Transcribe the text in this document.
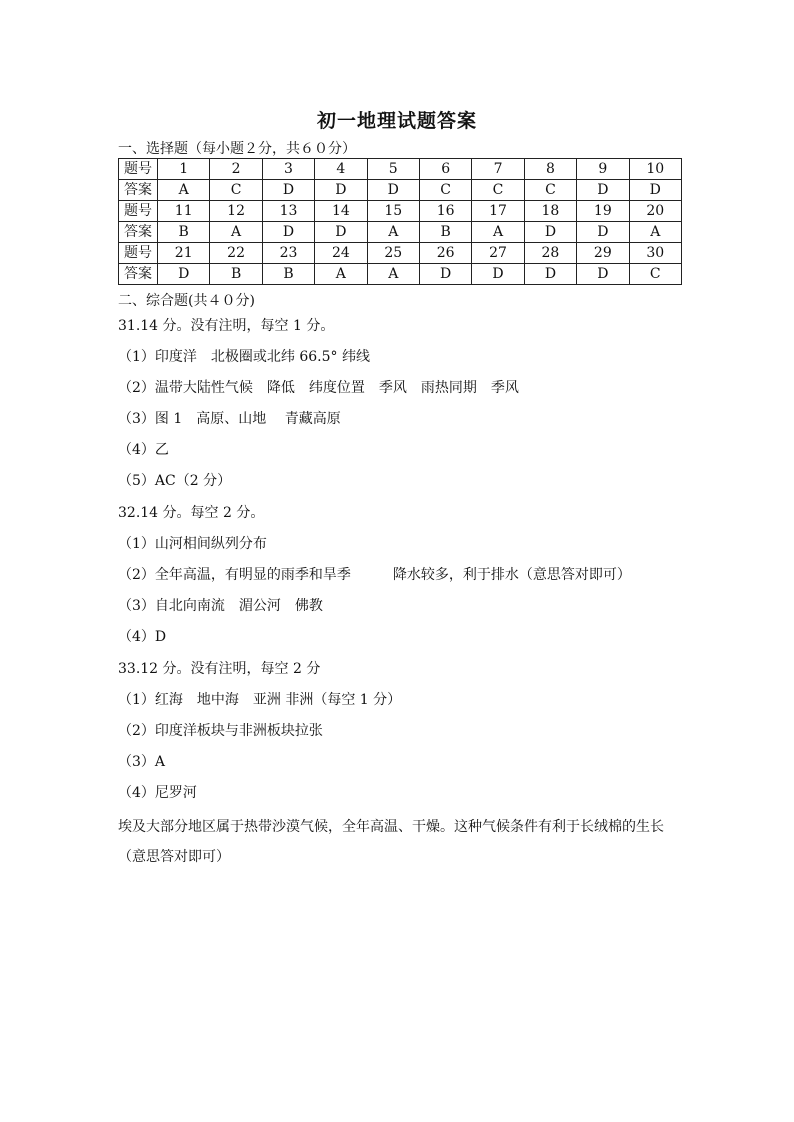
初一地理试题答案
一、选择题（每小题２分，共６０分）
题号	1	2	3	4	5	6	7	8	9	10
答案	A	C	D	D	D	C	C	C	D	D
题号	11	12	13	14	15	16	17	18	19	20
答案	B	A	D	D	A	B	A	D	D	A
题号	21	22	23	24	25	26	27	28	29	30
答案	D	B	B	A	A	D	D	D	D	C
二、综合题(共４０分)
31.14 分。没有注明，每空 1 分。
（1）印度洋　北极圈或北纬 66.5° 纬线
（2）温带大陆性气候　降低　纬度位置　季风　雨热同期　季风
（3）图 1　高原、山地　 青藏高原
（4）乙
（5）AC（2 分）
32.14 分。每空 2 分。
（1）山河相间纵列分布
（2）全年高温，有明显的雨季和旱季　　　降水较多，利于排水（意思答对即可）
（3）自北向南流　湄公河　佛教
（4）D
33.12 分。没有注明，每空 2 分
（1）红海　地中海　亚洲 非洲（每空 1 分）
（2）印度洋板块与非洲板块拉张
（3）A
（4）尼罗河
埃及大部分地区属于热带沙漠气候，全年高温、干燥。这种气候条件有利于长绒棉的生长（意思答对即可）
